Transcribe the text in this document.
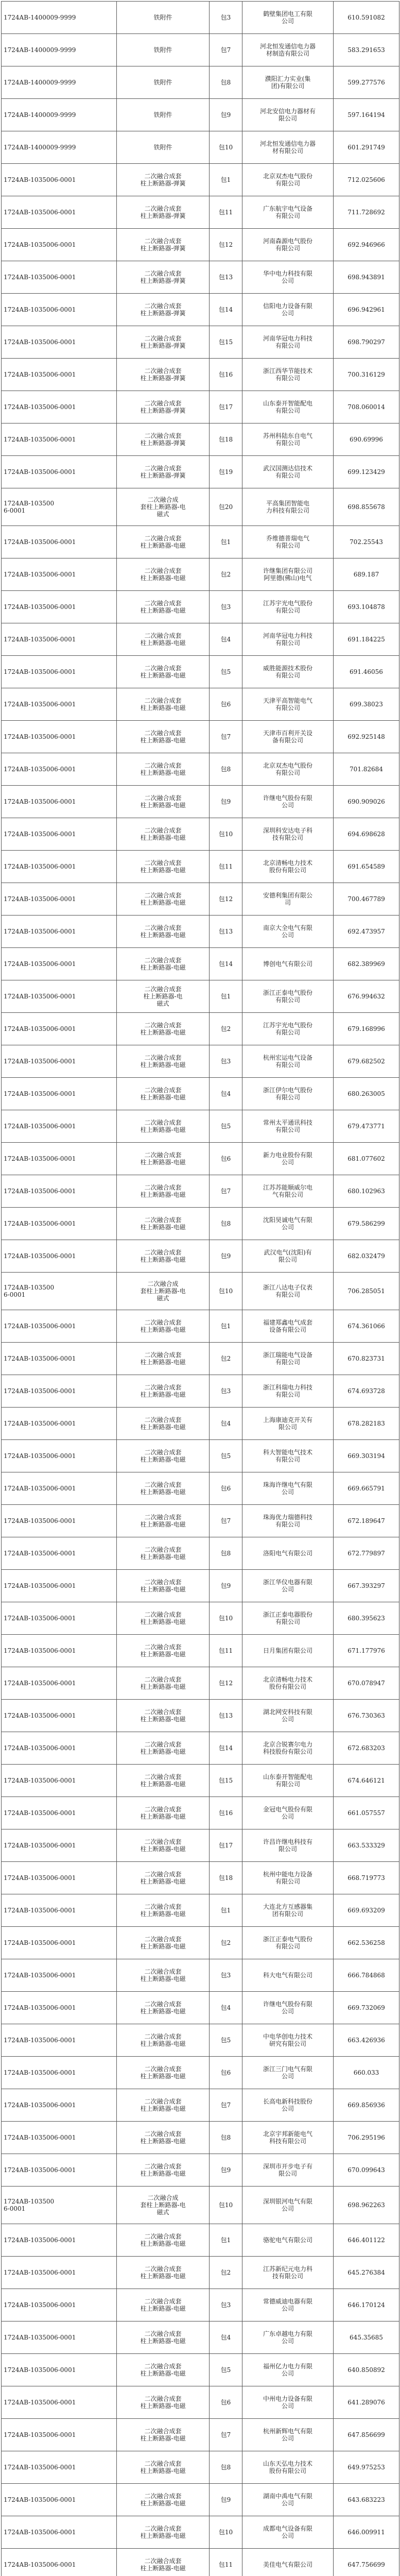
1724AB-1400009-9999	铁附件	包3	鹤壁集团电工有限
公司	610.591082
1724AB-1400009-9999	铁附件	包7	河北恒发通信电力器
材制造有限公司	583.291653
1724AB-1400009-9999	铁附件	包8	濮阳汇力实业(集
团)有限公司	599.277576
1724AB-1400009-9999	铁附件	包9	河北安信电力器材有
限公司	597.164194
1724AB-1400009-9999	铁附件	包10	河北恒发通信电力器
材有限公司	601.291749
1724AB-1035006-0001	二次融合成套
柱上断路器-弹簧	包1	北京双杰电气股份
有限公司	712.025606
1724AB-1035006-0001	二次融合成套
柱上断路器-弹簧	包11	广东航宇电气设备
有限公司	711.728692
1724AB-1035006-0001	二次融合成套
柱上断路器-弹簧	包12	河南森源电气股份
有限公司	692.946966
1724AB-1035006-0001	二次融合成套
柱上断路器-弹簧	包13	华中电力科技有限
公司	698.943891
1724AB-1035006-0001	二次融合成套
柱上断路器-弹簧	包14	信阳电力设备有限
公司	696.942961
1724AB-1035006-0001	二次融合成套
柱上断路器-弹簧	包15	河南华冠电力科技
有限公司	698.790297
1724AB-1035006-0001	二次融合成套
柱上断路器-弹簧	包16	浙江西华节能技术
有限公司	700.316129
1724AB-1035006-0001	二次融合成套
柱上断路器-弹簧	包17	山东泰开智能配电
有限公司	708.060014
1724AB-1035006-0001	二次融合成套
柱上断路器-弹簧	包18	苏州科陆东自电气
有限公司	690.69996
1724AB-1035006-0001	二次融合成套
柱上断路器-弹簧	包19	武汉国测达信技术
有限公司	699.123429
1724AB-103500
6-0001	二次融合成
套柱上断路器-电
磁式	包20	平高集团智能电
力科技有限公司	698.855678
1724AB-1035006-0001	二次融合成套
柱上断路器-电磁	包1	乔维德普瑞电气
有限公司	702.25543
1724AB-1035006-0001	二次融合成套
柱上断路器-电磁	包2	许继集团有限公司
阿里德(佛山)电气	689.187
1724AB-1035006-0001	二次融合成套
柱上断路器-电磁	包3	江苏宇光电气股份
有限公司	693.104878
1724AB-1035006-0001	二次融合成套
柱上断路器-电磁	包4	河南华冠电力科技
有限公司	691.184225
1724AB-1035006-0001	二次融合成套
柱上断路器-电磁	包5	威胜能源技术股份
有限公司	691.46056
1724AB-1035006-0001	二次融合成套
柱上断路器-电磁	包6	天津平高智能电气
有限公司	699.38023
1724AB-1035006-0001	二次融合成套
柱上断路器-电磁	包7	天津市百利开关设
备有限公司	692.925148
1724AB-1035006-0001	二次融合成套
柱上断路器-电磁	包8	北京双杰电气股份
有限公司	701.82684
1724AB-1035006-0001	二次融合成套
柱上断路器-电磁	包9	许继电气股份有限
公司	690.909026
1724AB-1035006-0001	二次融合成套
柱上断路器-电磁	包10	深圳科安达电子科
技有限公司	694.698628
1724AB-1035006-0001	二次融合成套
柱上断路器-电磁	包11	北京清畅电力技术
股份有限公司	691.654589
1724AB-1035006-0001	二次融合成套
柱上断路器-电磁	包12	安德利集团有限公
司	700.467789
1724AB-1035006-0001	二次融合成套
柱上断路器-电磁	包13	南京大全电气有限
公司	692.473957
1724AB-1035006-0001	二次融合成套
柱上断路器-电磁	包14	博创电气有限公司	682.389969
1724AB-1035006-0001	二次融合成套
柱上断路器-电
磁式	包1	浙江正泰电气股份
有限公司	676.994632
1724AB-1035006-0001	二次融合成套
柱上断路器-电磁	包2	江苏宇光电气股份
有限公司	679.168996
1724AB-1035006-0001	二次融合成套
柱上断路器-电磁	包3	杭州宏运电气设备
有限公司	679.682502
1724AB-1035006-0001	二次融合成套
柱上断路器-电磁	包4	浙江伊尔电气股份
有限公司	680.263005
1724AB-1035006-0001	二次融合成套
柱上断路器-电磁	包5	常州太平通讯科技
有限公司	679.473771
1724AB-1035006-0001	二次融合成套
柱上断路器-电磁	包6	新力电业股份有限
公司	681.077602
1724AB-1035006-0001	二次融合成套
柱上断路器-电磁	包7	江苏苏能顺威尔电
气有限公司	680.102963
1724AB-1035006-0001	二次融合成套
柱上断路器-电磁	包8	沈阳昊诚电气有限
公司	679.586299
1724AB-1035006-0001	二次融合成套
柱上断路器-电磁	包9	武汉电气(沈阳)有
限公司	682.032479
1724AB-103500
6-0001	二次融合成
套柱上断路器-电
磁式	包10	浙江八达电子仪表
有限公司	706.285051
1724AB-1035006-0001	二次融合成套
柱上断路器-电磁	包1	福建郑鑫电气成套
设备有限公司	674.361066
1724AB-1035006-0001	二次融合成套
柱上断路器-电磁	包2	浙江瑞能电气设备
有限公司	670.823731
1724AB-1035006-0001	二次融合成套
柱上断路器-电磁	包3	浙江科瑞电力科技
有限公司	674.693728
1724AB-1035006-0001	二次融合成套
柱上断路器-电磁	包4	上海康迪克开关有
限公司	678.282183
1724AB-1035006-0001	二次融合成套
柱上断路器-电磁	包5	科大智能电气技术
有限公司	669.303194
1724AB-1035006-0001	二次融合成套
柱上断路器-电磁	包6	珠海许继电气有限
公司	669.665791
1724AB-1035006-0001	二次融合成套
柱上断路器-电磁	包7	珠海优力瑞德科技
有限公司	672.189647
1724AB-1035006-0001	二次融合成套
柱上断路器-电磁	包8	洛阳电气有限公司	672.779897
1724AB-1035006-0001	二次融合成套
柱上断路器-电磁	包9	浙江华仪电器有限
公司	667.393297
1724AB-1035006-0001	二次融合成套
柱上断路器-电磁	包10	浙江正泰电器股份
有限公司	680.395623
1724AB-1035006-0001	二次融合成套
柱上断路器-电磁	包11	日月集团有限公司	671.177976
1724AB-1035006-0001	二次融合成套
柱上断路器-电磁	包12	北京清畅电力技术
股份有限公司	670.078947
1724AB-1035006-0001	二次融合成套
柱上断路器-电磁	包13	湖北网安科技有限
公司	676.730363
1724AB-1035006-0001	二次融合成套
柱上断路器-电磁	包14	北京合锐赛尔电力
科技股份有限公司	672.683203
1724AB-1035006-0001	二次融合成套
柱上断路器-电磁	包15	山东泰开智能配电
有限公司	674.646121
1724AB-1035006-0001	二次融合成套
柱上断路器-电磁	包16	金冠电气股份有限
公司	661.057557
1724AB-1035006-0001	二次融合成套
柱上断路器-电磁	包17	许昌许继电科技有
限公司	663.533329
1724AB-1035006-0001	二次融合成套
柱上断路器-电磁	包18	杭州中能电力设备
有限公司	668.719773
1724AB-1035006-0001	二次融合成套
柱上断路器-电磁	包1	大连北方互感器集
团有限公司	669.693209
1724AB-1035006-0001	二次融合成套
柱上断路器-电磁	包2	浙江正泰电气股份
有限公司	662.536258
1724AB-1035006-0001	二次融合成套
柱上断路器-电磁	包3	科大电气有限公司	666.784868
1724AB-1035006-0001	二次融合成套
柱上断路器-电磁	包4	许继电气股份有限
公司	669.732069
1724AB-1035006-0001	二次融合成套
柱上断路器-电磁	包5	中电华创电力技术
研究有限公司	663.426936
1724AB-1035006-0001	二次融合成套
柱上断路器-电磁	包6	浙江三门电气有限
公司	660.033
1724AB-1035006-0001	二次融合成套
柱上断路器-电磁	包7	长高电新科技股份
公司	669.856936
1724AB-1035006-0001	二次融合成套
柱上断路器-电磁	包8	北京宇邦新能电气
科技有限公司	706.295196
1724AB-1035006-0001	二次融合成套
柱上断路器-电磁	包9	深圳市开步电子有
限公司	670.099643
1724AB-103500
6-0001	二次融合成
套柱上断路器-电
磁式	包10	深圳银河电气有限
公司	698.962263
1724AB-1035006-0001	二次融合成套
柱上断路器-电磁	包1	骆驼电气有限公司	646.401122
1724AB-1035006-0001	二次融合成套
柱上断路器-电磁	包2	江苏新纪元电力科
技有限公司	645.276384
1724AB-1035006-0001	二次融合成套
柱上断路器-电磁	包3	常德威迪电器有限
公司	646.170124
1724AB-1035006-0001	二次融合成套
柱上断路器-电磁	包4	广东卓越电力有限
公司	645.35685
1724AB-1035006-0001	二次融合成套
柱上断路器-电磁	包5	福州亿力电力有限
公司	640.850892
1724AB-1035006-0001	二次融合成套
柱上断路器-电磁	包6	中州电力设备有限
公司	641.289076
1724AB-1035006-0001	二次融合成套
柱上断路器-电磁	包7	杭州新辉电气有限
公司	647.856699
1724AB-1035006-0001	二次融合成套
柱上断路器-电磁	包8	山东天弘电力技术
股份有限公司	649.975253
1724AB-1035006-0001	二次融合成套
柱上断路器-电磁	包9	湖南中禹电气有限
公司	643.683223
1724AB-1035006-0001	二次融合成套
柱上断路器-电磁	包10	成都电气设备有限
公司	646.009911
1724AB-1035006-0001	二次融合成套
柱上断路器-电磁	包11	美佳电气有限公司	647.756699
